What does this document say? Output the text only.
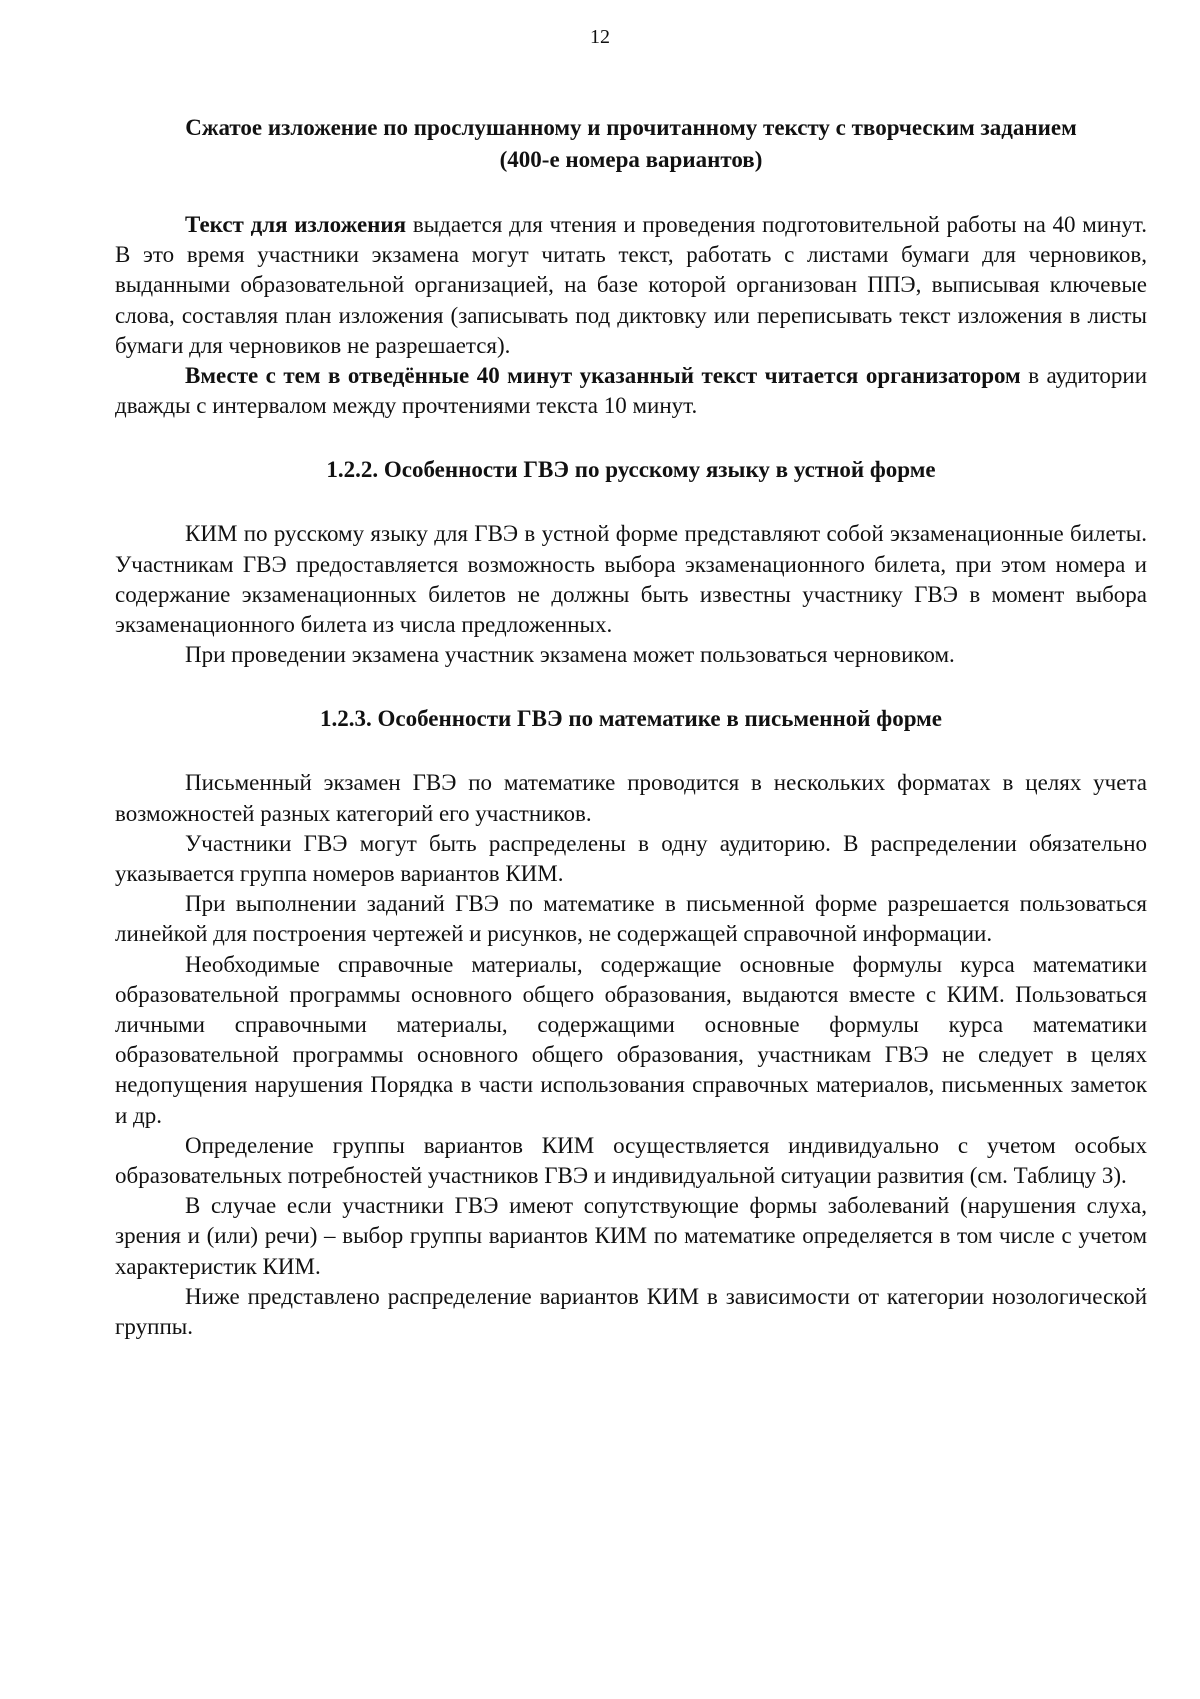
12
Сжатое изложение по прослушанному и прочитанному тексту с творческим заданием
(400-е номера вариантов)

Текст для изложения выдается для чтения и проведения подготовительной работы на 40 минут. В это время участники экзамена могут читать текст, работать с листами бумаги для черновиков, выданными образовательной организацией, на базе которой организован ППЭ, выписывая ключевые слова, составляя план изложения (записывать под диктовку или переписывать текст изложения в листы бумаги для черновиков не разрешается).

Вместе с тем в отведённые 40 минут указанный текст читается организатором в аудитории дважды с интервалом между прочтениями текста 10 минут.

1.2.2. Особенности ГВЭ по русскому языку в устной форме

КИМ по русскому языку для ГВЭ в устной форме представляют собой экзаменационные билеты. Участникам ГВЭ предоставляется возможность выбора экзаменационного билета, при этом номера и содержание экзаменационных билетов не должны быть известны участнику ГВЭ в момент выбора экзаменационного билета из числа предложенных.

При проведении экзамена участник экзамена может пользоваться черновиком.

1.2.3. Особенности ГВЭ по математике в письменной форме

Письменный экзамен ГВЭ по математике проводится в нескольких форматах в целях учета возможностей разных категорий его участников.

Участники ГВЭ могут быть распределены в одну аудиторию. В распределении обязательно указывается группа номеров вариантов КИМ.

При выполнении заданий ГВЭ по математике в письменной форме разрешается пользоваться линейкой для построения чертежей и рисунков, не содержащей справочной информации.

Необходимые справочные материалы, содержащие основные формулы курса математики образовательной программы основного общего образования, выдаются вместе с КИМ. Пользоваться личными справочными материалы, содержащими основные формулы курса математики образовательной программы основного общего образования, участникам ГВЭ не следует в целях недопущения нарушения Порядка в части использования справочных материалов, письменных заметок и др.

Определение группы вариантов КИМ осуществляется индивидуально с учетом особых образовательных потребностей участников ГВЭ и индивидуальной ситуации развития (см. Таблицу 3).

В случае если участники ГВЭ имеют сопутствующие формы заболеваний (нарушения слуха, зрения и (или) речи) – выбор группы вариантов КИМ по математике определяется в том числе с учетом характеристик КИМ.

Ниже представлено распределение вариантов КИМ в зависимости от категории нозологической группы.
